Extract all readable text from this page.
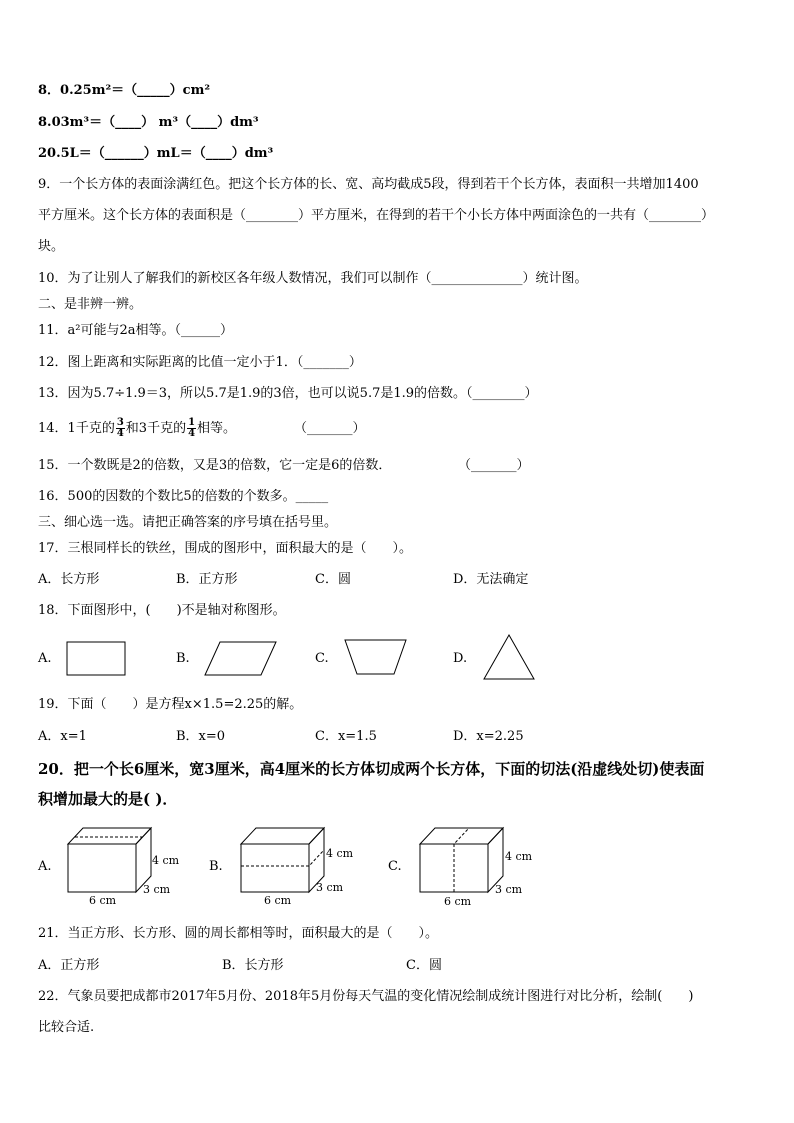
8．0.25m²＝（_____）cm²
8.03m³＝（____） m³（____）dm³
20.5L＝（______）mL＝（____）dm³
9．一个长方体的表面涂满红色。把这个长方体的长、宽、高均截成5段，得到若干个长方体，表面积一共增加1400
平方厘米。这个长方体的表面积是（________）平方厘米，在得到的若干个小长方体中两面涂色的一共有（________）
块。
10．为了让别人了解我们的新校区各年级人数情况，我们可以制作（______________）统计图。
二、是非辨一辨。
11．a²可能与2a相等。（______）
12．图上距离和实际距离的比值一定小于1．（_______）
13．因为5.7÷1.9＝3，所以5.7是1.9的3倍，也可以说5.7是1.9的倍数。（________）
14．1千克的 $\frac{3}{4}$ 和3千克的 $\frac{1}{4}$ 相等。	（_______）
15．一个数既是2的倍数，又是3的倍数，它一定是6的倍数．	（_______）
16．500的因数的个数比5的倍数的个数多。_____
三、细心选一选。请把正确答案的序号填在括号里。
17．三根同样长的铁丝，围成的图形中，面积最大的是（　　）。
A．长方形	B．正方形	C．圆	D．无法确定
18．下面图形中，(　　)不是轴对称图形。
A.	B.	C.	D.
19．下面（　　）是方程x×1.5=2.25的解。
A．x=1	B．x=0	C．x=1.5	D．x=2.25
20．把一个长6厘米，宽3厘米，高4厘米的长方体切成两个长方体，下面的切法(沿虚线处切)使表面
积增加最大的是( )．
A.	B.	C.
4 cm
3 cm
6 cm
4 cm
3 cm
6 cm
4 cm
3 cm
6 cm
21．当正方形、长方形、圆的周长都相等时，面积最大的是（　　）。
A．正方形	B．长方形	C．圆
22．气象员要把成都市2017年5月份、2018年5月份每天气温的变化情况绘制成统计图进行对比分析，绘制(　　)
比较合适.
